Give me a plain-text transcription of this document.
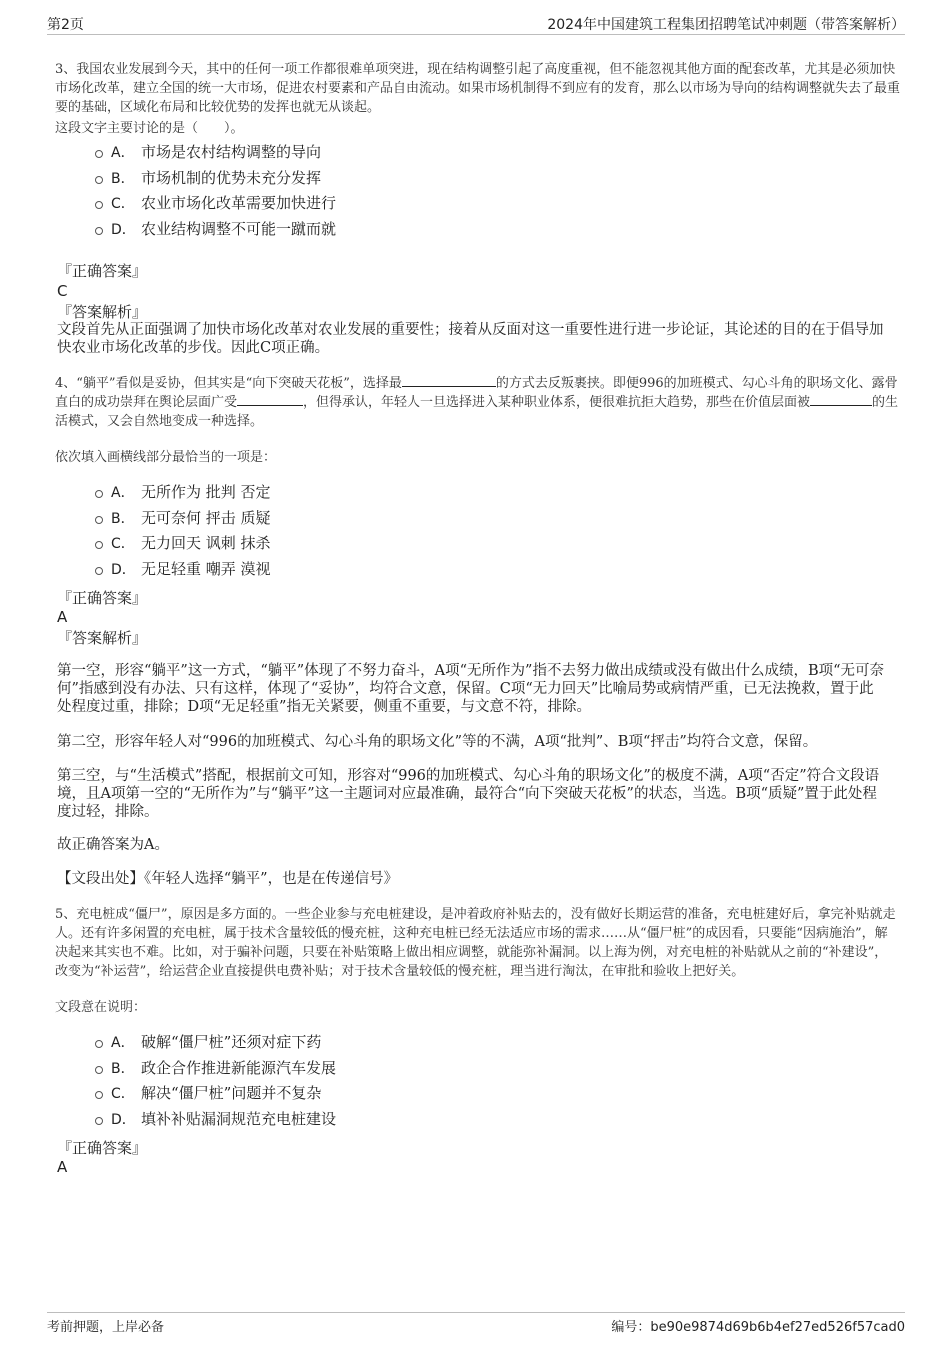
第2页	2024年中国建筑工程集团招聘笔试冲刺题（带答案解析）
3、我国农业发展到今天，其中的任何一项工作都很难单项突进，现在结构调整引起了高度重视，但不能忽视其他方面的配套改革，尤其是必须加快市场化改革，建立全国的统一大市场，促进农村要素和产品自由流动。如果市场机制得不到应有的发育，那么以市场为导向的结构调整就失去了最重要的基础，区域化布局和比较优势的发挥也就无从谈起。
这段文字主要讨论的是（　　）。
A． 市场是农村结构调整的导向
B． 市场机制的优势未充分发挥
C． 农业市场化改革需要加快进行
D． 农业结构调整不可能一蹴而就
『正确答案』
C
『答案解析』
文段首先从正面强调了加快市场化改革对农业发展的重要性；接着从反面对这一重要性进行进一步论证，其论述的目的在于倡导加快农业市场化改革的步伐。因此C项正确。
4、“躺平”看似是妥协，但其实是“向下突破天花板”，选择最	的方式去反叛裹挟。即便996的加班模式、勾心斗角的职场文化、露骨直白的成功崇拜在舆论层面广受	，但得承认，年轻人一旦选择进入某种职业体系，便很难抗拒大趋势，那些在价值层面被	的生活模式，又会自然地变成一种选择。
依次填入画横线部分最恰当的一项是：
A． 无所作为 批判 否定
B． 无可奈何 抨击 质疑
C． 无力回天 讽刺 抹杀
D． 无足轻重 嘲弄 漠视
『正确答案』
A
『答案解析』
第一空，形容“躺平”这一方式，“躺平”体现了不努力奋斗，A项“无所作为”指不去努力做出成绩或没有做出什么成绩，B项“无可奈何”指感到没有办法、只有这样，体现了“妥协”，均符合文意，保留。C项“无力回天”比喻局势或病情严重，已无法挽救，置于此处程度过重，排除；D项“无足轻重”指无关紧要，侧重不重要，与文意不符，排除。
第二空，形容年轻人对“996的加班模式、勾心斗角的职场文化”等的不满，A项“批判”、B项“抨击”均符合文意，保留。
第三空，与“生活模式”搭配，根据前文可知，形容对“996的加班模式、勾心斗角的职场文化”的极度不满，A项“否定”符合文段语境，且A项第一空的“无所作为”与“躺平”这一主题词对应最准确，最符合“向下突破天花板”的状态，当选。B项“质疑”置于此处程度过轻，排除。
故正确答案为A。
【文段出处】《年轻人选择“躺平”，也是在传递信号》
5、充电桩成“僵尸”，原因是多方面的。一些企业参与充电桩建设，是冲着政府补贴去的，没有做好长期运营的准备，充电桩建好后，拿完补贴就走人。还有许多闲置的充电桩，属于技术含量较低的慢充桩，这种充电桩已经无法适应市场的需求……从“僵尸桩”的成因看，只要能“因病施治”，解决起来其实也不难。比如，对于骗补问题，只要在补贴策略上做出相应调整，就能弥补漏洞。以上海为例，对充电桩的补贴就从之前的“补建设”，改变为“补运营”，给运营企业直接提供电费补贴；对于技术含量较低的慢充桩，理当进行淘汰，在审批和验收上把好关。
文段意在说明：
A． 破解“僵尸桩”还须对症下药
B． 政企合作推进新能源汽车发展
C． 解决“僵尸桩”问题并不复杂
D． 填补补贴漏洞规范充电桩建设
『正确答案』
A
考前押题，上岸必备	编号：be90e9874d69b6b4ef27ed526f57cad0
